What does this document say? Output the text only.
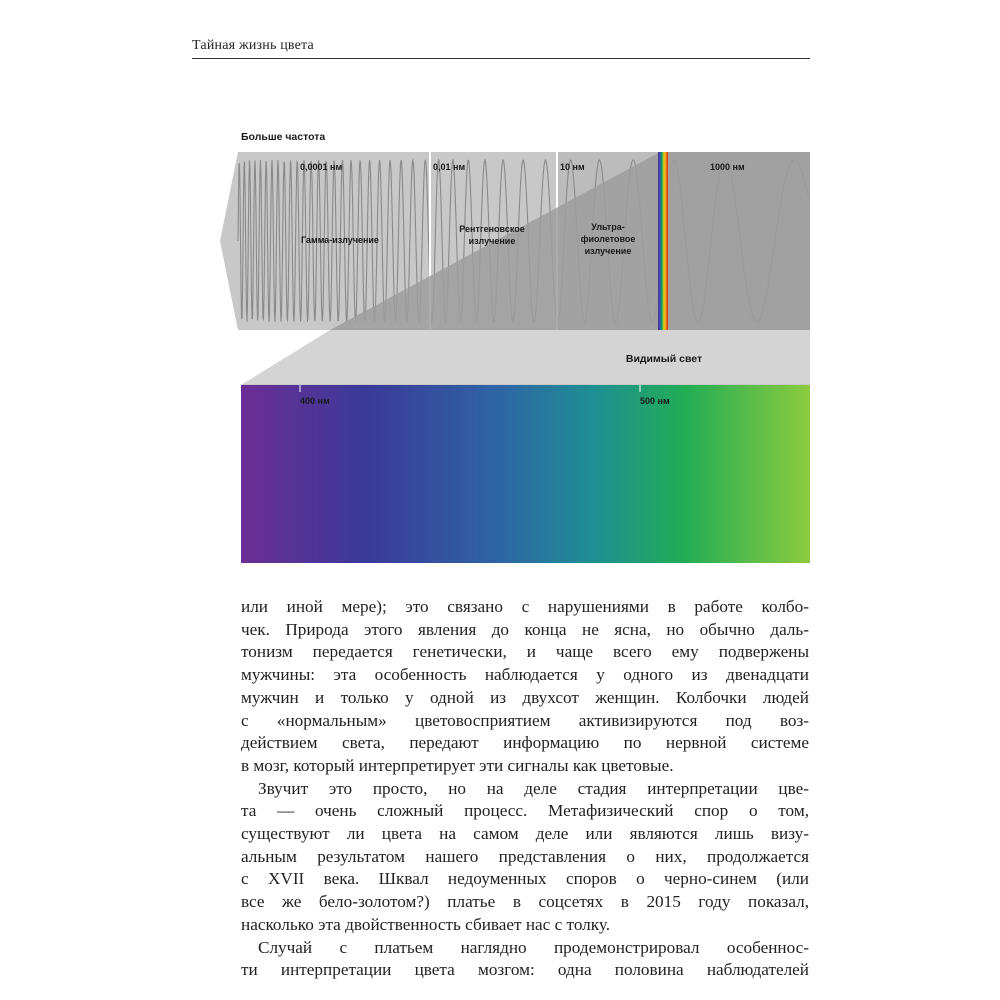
Тайная жизнь цвета
Больше частота
0,0001 нм	0,01 нм	10 нм	1000 нм
Гамма-излучение
Рентгеновское
излучение
Ультра-
фиолетовое
излучение
Видимый свет
400 нм	500 нм

или иной мере); это связано с нарушениями в работе колбо-
чек. Природа этого явления до конца не ясна, но обычно даль-
тонизм передается генетически, и чаще всего ему подвержены
мужчины: эта особенность наблюдается у одного из двенадцати
мужчин и только у одной из двухсот женщин. Колбочки людей
с «нормальным» цветовосприятием активизируются под воз-
действием света, передают информацию по нервной системе
в мозг, который интерпретирует эти сигналы как цветовые.

Звучит это просто, но на деле стадия интерпретации цве-
та — очень сложный процесс. Метафизический спор о том,
существуют ли цвета на самом деле или являются лишь визу-
альным результатом нашего представления о них, продолжается
с XVII века. Шквал недоуменных споров о черно-синем (или
все же бело-золотом?) платье в соцсетях в 2015 году показал,
насколько эта двойственность сбивает нас с толку.

Случай с платьем наглядно продемонстрировал особеннос-
ти интерпретации цвета мозгом: одна половина наблюдателей
